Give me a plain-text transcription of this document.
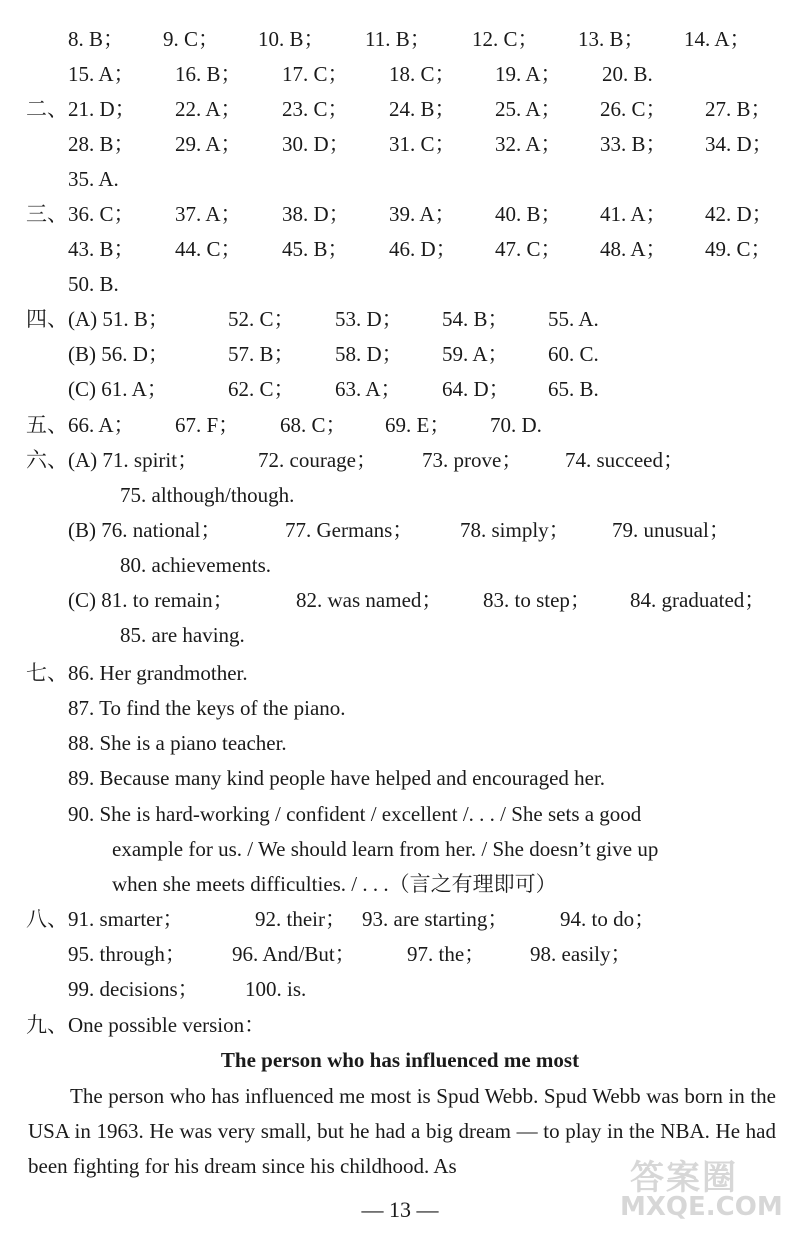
8. B； 9. C； 10. B； 11. B； 12. C； 13. B； 14. A；
15. A； 16. B； 17. C； 18. C； 19. A； 20. B.
二、 21. D； 22. A； 23. C； 24. B； 25. A； 26. C； 27. B；
28. B； 29. A； 30. D； 31. C； 32. A； 33. B； 34. D；
35. A.
三、 36. C； 37. A； 38. D； 39. A； 40. B； 41. A； 42. D；
43. B； 44. C； 45. B； 46. D； 47. C； 48. A； 49. C；
50. B.
四、 (A) 51. B；	52. C； 53. D； 54. B； 55. A.
(B) 56. D；	57. B； 58. D； 59. A； 60. C.
(C) 61. A；	62. C； 63. A； 64. D； 65. B.
五、 66. A； 67. F； 68. C； 69. E； 70. D.
六、 (A) 71. spirit；	72. courage； 73. prove； 74. succeed；
75. although/though.
(B) 76. national；	77. Germans； 78. simply； 79. unusual；
80. achievements.
(C) 81. to remain；	82. was named； 83. to step； 84. graduated；
85. are having.
七、 86. Her grandmother.
87. To find the keys of the piano.
88. She is a piano teacher.
89. Because many kind people have helped and encouraged her.
90. She is hard-working / confident / excellent /. . . / She sets a good
example for us. / We should learn from her. / She doesn’t give up
when she meets difficulties. / . . .（言之有理即可）
八、 91. smarter；	92. their； 93. are starting； 94. to do；
95. through； 96. And/But； 97. the； 98. easily；
99. decisions； 100. is.
九、 One possible version：
The person who has influenced me most

The person who has influenced me most is Spud Webb. Spud Webb was born in the USA in 1963. He was very small, but he had a big dream — to play in the NBA. He had been fighting for his dream since his childhood. As

— 13 —
答案圈
MXQE.COM
